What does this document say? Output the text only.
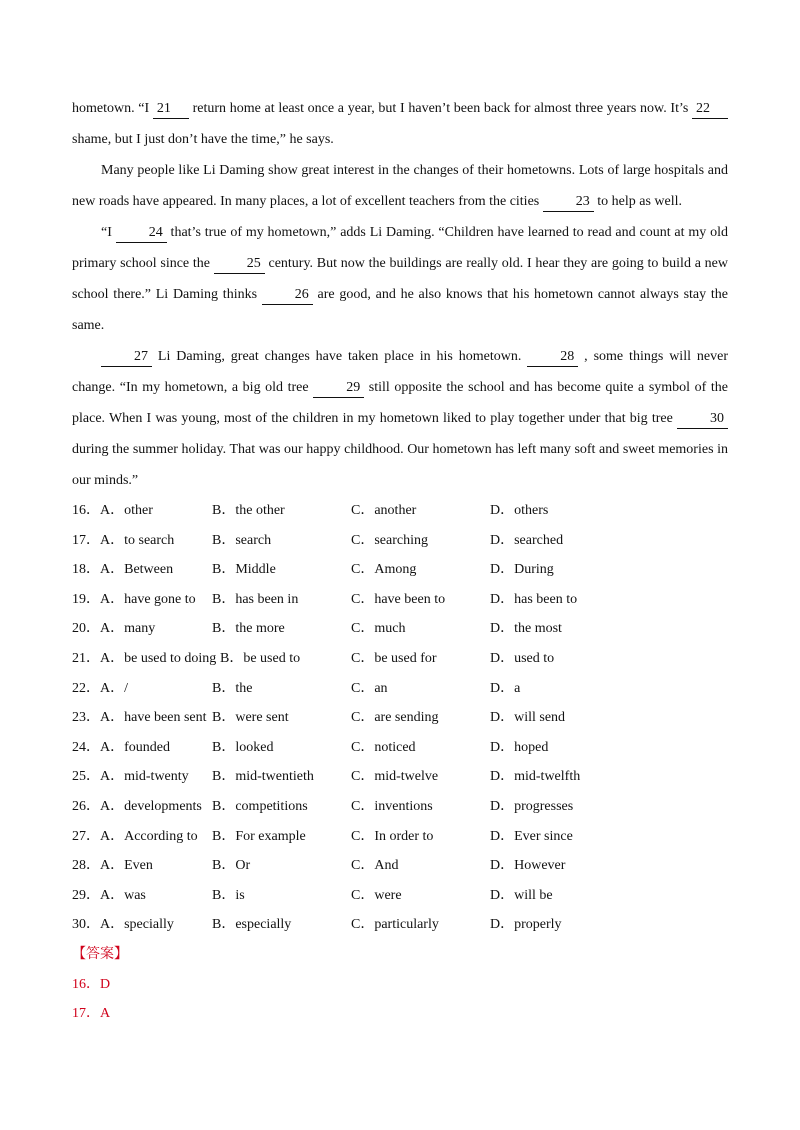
hometown. “I 21 return home at least once a year, but I haven’t been back for almost three years now. It’s 22 shame, but I just don’t have the time,” he says.

Many people like Li Daming show great interest in the changes of their hometowns. Lots of large hospitals and new roads have appeared. In many places, a lot of excellent teachers from the cities 23 to help as well.

“I 24 that’s true of my hometown,” adds Li Daming. “Children have learned to read and count at my old primary school since the 25 century. But now the buildings are really old. I hear they are going to build a new school there.” Li Daming thinks 26 are good, and he also knows that his hometown cannot always stay the same.

27 Li Daming, great changes have taken place in his hometown. 28 , some things will never change. “In my hometown, a big old tree 29 still opposite the school and has become quite a symbol of the place. When I was young, most of the children in my hometown liked to play together under that big tree 30 during the summer holiday. That was our happy childhood. Our hometown has left many soft and sweet memories in our minds.”

16． A．other	B．the other	C．another	D．others
17． A．to search	B．search	C．searching	D．searched
18． A．Between	B．Middle	C．Among	D．During
19． A．have gone to B．has been in	C．have been to	D．has been to
20． A．many	B．the more	C．much	D．the most
21． A．be used to doing B．be used to	C．be used for	D．used to
22． A．/	B．the	C．an	D．a
23． A．have been sent B．were sent	C．are sending	D．will send
24． A．founded	B．looked	C．noticed	D．hoped
25． A．mid-twenty B．mid-twentieth	C．mid-twelve	D．mid-twelfth
26． A．developments B．competitions	C．inventions	D．progresses
27． A．According to B．For example	C．In order to	D．Ever since
28． A．Even	B．Or	C．And	D．However
29． A．was	B．is	C．were	D．will be
30． A．specially	B．especially	C．particularly	D．properly
【答案】
16．D
17．A
